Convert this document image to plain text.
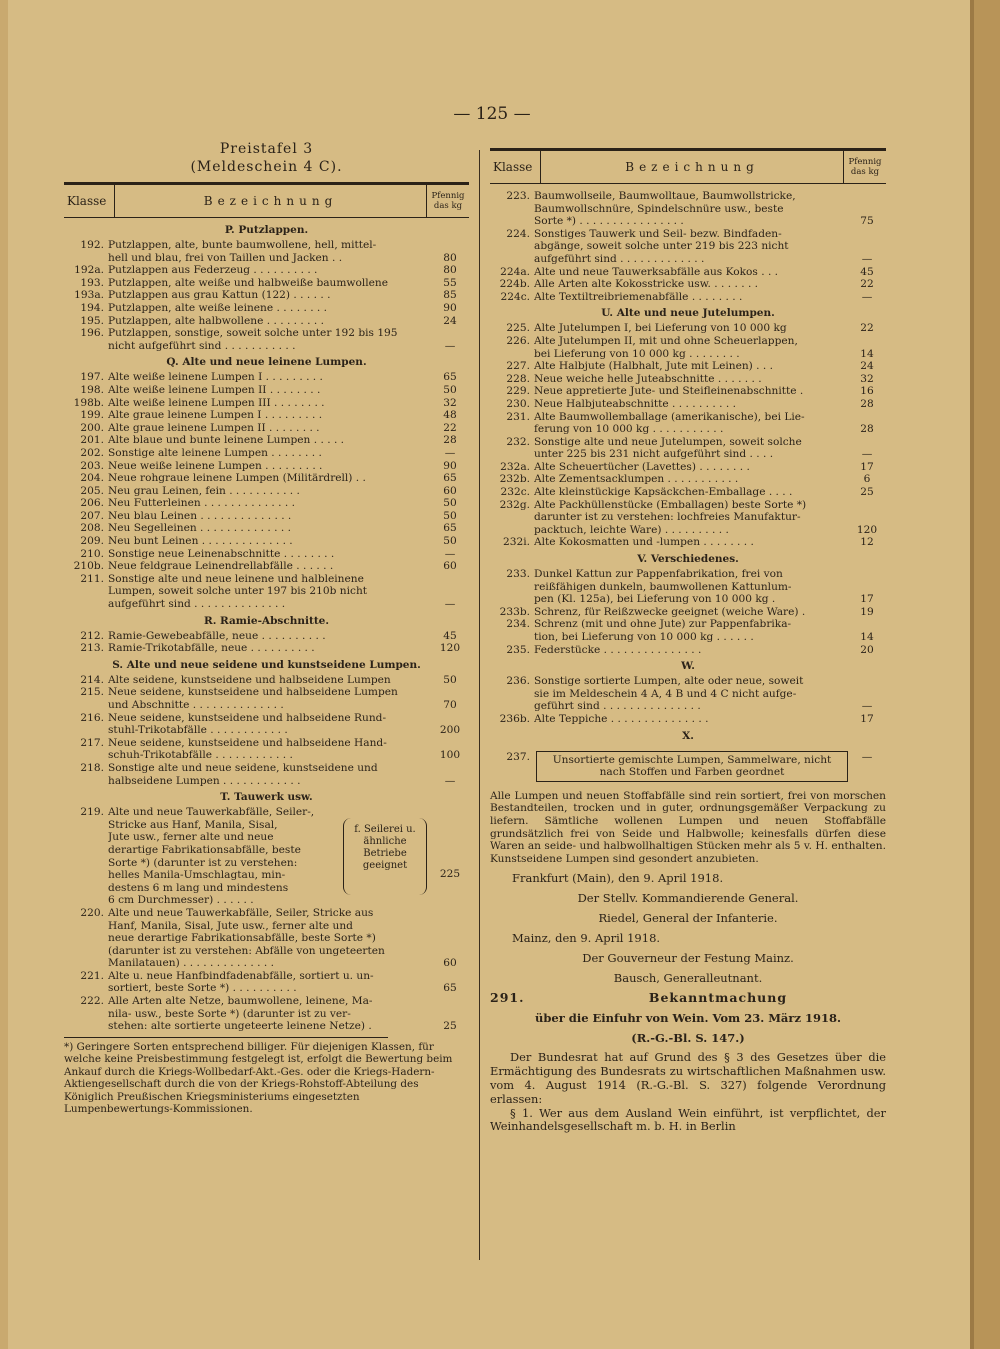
— 125 —
Preistafel 3
(Meldeschein 4 C).
Klasse	Bezeichnung	Pfennig das kg
P. Putzlappen.
192. Putzlappen, alte, bunte baumwollene, hell, mittel-
hell und blau, frei von Taillen und Jacken . .	80
192a. Putzlappen aus Federzeug . . . . . . . . . .	80
193. Putzlappen, alte weiße und halbweiße baumwollene	55
193a. Putzlappen aus grau Kattun (122) . . . . . .	85
194. Putzlappen, alte weiße leinene . . . . . . . .	90
195. Putzlappen, alte halbwollene . . . . . . . . .	24
196. Putzlappen, sonstige, soweit solche unter 192 bis 195
nicht aufgeführt sind . . . . . . . . . . .	—
Q. Alte und neue leinene Lumpen.
197. Alte weiße leinene Lumpen I . . . . . . . . .	65
198. Alte weiße leinene Lumpen II . . . . . . . .	50
198b. Alte weiße leinene Lumpen III . . . . . . . .	32
199. Alte graue leinene Lumpen I . . . . . . . . .	48
200. Alte graue leinene Lumpen II . . . . . . . .	22
201. Alte blaue und bunte leinene Lumpen . . . . .	28
202. Sonstige alte leinene Lumpen . . . . . . . .	—
203. Neue weiße leinene Lumpen . . . . . . . . .	90
204. Neue rohgraue leinene Lumpen (Militärdrell) . .	65
205. Neu grau Leinen, fein . . . . . . . . . . .	60
206. Neu Futterleinen . . . . . . . . . . . . . .	50
207. Neu blau Leinen . . . . . . . . . . . . . .	50
208. Neu Segelleinen . . . . . . . . . . . . . .	65
209. Neu bunt Leinen . . . . . . . . . . . . . .	50
210. Sonstige neue Leinenabschnitte . . . . . . . .	—
210b. Neue feldgraue Leinendrellabfälle . . . . . .	60
211. Sonstige alte und neue leinene und halbleinene
Lumpen, soweit solche unter 197 bis 210b nicht
aufgeführt sind . . . . . . . . . . . . . .	—
R. Ramie-Abschnitte.
212. Ramie-Gewebeabfälle, neue . . . . . . . . . .	45
213. Ramie-Trikotabfälle, neue . . . . . . . . . .	120
S. Alte und neue seidene und kunstseidene Lumpen.
214. Alte seidene, kunstseidene und halbseidene Lumpen	50
215. Neue seidene, kunstseidene und halbseidene Lumpen
und Abschnitte . . . . . . . . . . . . . .	70
216. Neue seidene, kunstseidene und halbseidene Rund-
stuhl-Trikotabfälle . . . . . . . . . . . .	200
217. Neue seidene, kunstseidene und halbseidene Hand-
schuh-Trikotabfälle . . . . . . . . . . . .	100
218. Sonstige alte und neue seidene, kunstseidene und
halbseidene Lumpen . . . . . . . . . . . .	—
T. Tauwerk usw.
219. Alte und neue Tauwerkabfälle, Seiler-,
Stricke aus Hanf, Manila, Sisal,
Jute usw., ferner alte und neue
derartige Fabrikationsabfälle, beste
Sorte *) (darunter ist zu verstehen:
helles Manila-Umschlagtau, min-
destens 6 m lang und mindestens
6 cm Durchmesser) . . . . . .
f. Seilerei u. ähnliche Betriebe geeignet
225
220. Alte und neue Tauwerkabfälle, Seiler, Stricke aus
Hanf, Manila, Sisal, Jute usw., ferner alte und
neue derartige Fabrikationsabfälle, beste Sorte *)
(darunter ist zu verstehen: Abfälle von ungeteerten
Manilatauen) . . . . . . . . . . . . . .	60
221. Alte u. neue Hanfbindfadenabfälle, sortiert u. un-
sortiert, beste Sorte *) . . . . . . . . . .	65
222. Alle Arten alte Netze, baumwollene, leinene, Ma-
nila- usw., beste Sorte *) (darunter ist zu ver-
stehen: alte sortierte ungeteerte leinene Netze) .	25
*) Geringere Sorten entsprechend billiger. Für diejenigen Klassen, für welche keine Preisbestimmung festgelegt ist, erfolgt die Bewertung beim Ankauf durch die Kriegs-Wollbedarf-Akt.-Ges. oder die Kriegs-Hadern-Aktiengesellschaft durch die von der Kriegs-Rohstoff-Abteilung des Königlich Preußischen Kriegsministeriums eingesetzten Lumpenbewertungs-Kommissionen.
Klasse	Bezeichnung	Pfennig das kg
223. Baumwollseile, Baumwolltaue, Baumwollstricke,
Baumwollschnüre, Spindelschnüre usw., beste
Sorte *) . . . . . . . . . . . . . . . .	75
224. Sonstiges Tauwerk und Seil- bezw. Bindfaden-
abgänge, soweit solche unter 219 bis 223 nicht
aufgeführt sind . . . . . . . . . . . . .	—
224a. Alte und neue Tauwerksabfälle aus Kokos . . .	45
224b. Alle Arten alte Kokosstricke usw. . . . . . . .	22
224c. Alte Textiltreibriemenabfälle . . . . . . . .	—
U. Alte und neue Jutelumpen.
225. Alte Jutelumpen I, bei Lieferung von 10 000 kg	22
226. Alte Jutelumpen II, mit und ohne Scheuerlappen,
bei Lieferung von 10 000 kg . . . . . . . .	14
227. Alte Halbjute (Halbhalt, Jute mit Leinen) . . .	24
228. Neue weiche helle Juteabschnitte . . . . . . .	32
229. Neue appretierte Jute- und Steifleinenabschnitte .	16
230. Neue Halbjuteabschnitte . . . . . . . . . .	28
231. Alte Baumwollemballage (amerikanische), bei Lie-
ferung von 10 000 kg . . . . . . . . . . .	28
232. Sonstige alte und neue Jutelumpen, soweit solche
unter 225 bis 231 nicht aufgeführt sind . . . .	—
232a. Alte Scheuertücher (Lavettes) . . . . . . . .	17
232b. Alte Zementsacklumpen . . . . . . . . . . .	6
232c. Alte kleinstückige Kapsäckchen-Emballage . . . .	25
232g. Alte Packhüllenstücke (Emballagen) beste Sorte *)
darunter ist zu verstehen: lochfreies Manufaktur-
packtuch, leichte Ware) . . . . . . . . . .	120
232i. Alte Kokosmatten und -lumpen . . . . . . . .	12
V. Verschiedenes.
233. Dunkel Kattun zur Pappenfabrikation, frei von
reißfähigen dunkeln, baumwollenen Kattunlum-
pen (Kl. 125a), bei Lieferung von 10 000 kg .	17
233b. Schrenz, für Reißzwecke geeignet (weiche Ware) .	19
234. Schrenz (mit und ohne Jute) zur Pappenfabrika-
tion, bei Lieferung von 10 000 kg . . . . . .	14
235. Federstücke . . . . . . . . . . . . . . .	20
W.
236. Sonstige sortierte Lumpen, alte oder neue, soweit
sie im Meldeschein 4 A, 4 B und 4 C nicht aufge-
geführt sind . . . . . . . . . . . . . . .	—
236b. Alte Teppiche . . . . . . . . . . . . . . .	17
X.
237.	Unsortierte gemischte Lumpen, Sammelware, nicht nach Stoffen und Farben geordnet
—
Alle Lumpen und neuen Stoffabfälle sind rein sortiert, frei von morschen Bestandteilen, trocken und in guter, ordnungsgemäßer Verpackung zu liefern. Sämtliche wollenen Lumpen und neuen Stoffabfälle grundsätzlich frei von Seide und Halbwolle; keinesfalls dürfen diese Waren an seide- und halbwollhaltigen Stücken mehr als 5 v. H. enthalten. Kunstseidene Lumpen sind gesondert anzubieten.
Frankfurt (Main), den 9. April 1918.
Der Stellv. Kommandierende General.
Riedel, General der Infanterie.
Mainz, den 9. April 1918.
Der Gouverneur der Festung Mainz.
Bausch, Generalleutnant.
291.	Bekanntmachung
über die Einfuhr von Wein. Vom 23. März 1918.
(R.-G.-Bl. S. 147.)
Der Bundesrat hat auf Grund des § 3 des Gesetzes über die Ermächtigung des Bundesrats zu wirtschaftlichen Maßnahmen usw. vom 4. August 1914 (R.-G.-Bl. S. 327) folgende Verordnung erlassen:
§ 1. Wer aus dem Ausland Wein einführt, ist verpflichtet, der Weinhandelsgesellschaft m. b. H. in Berlin
